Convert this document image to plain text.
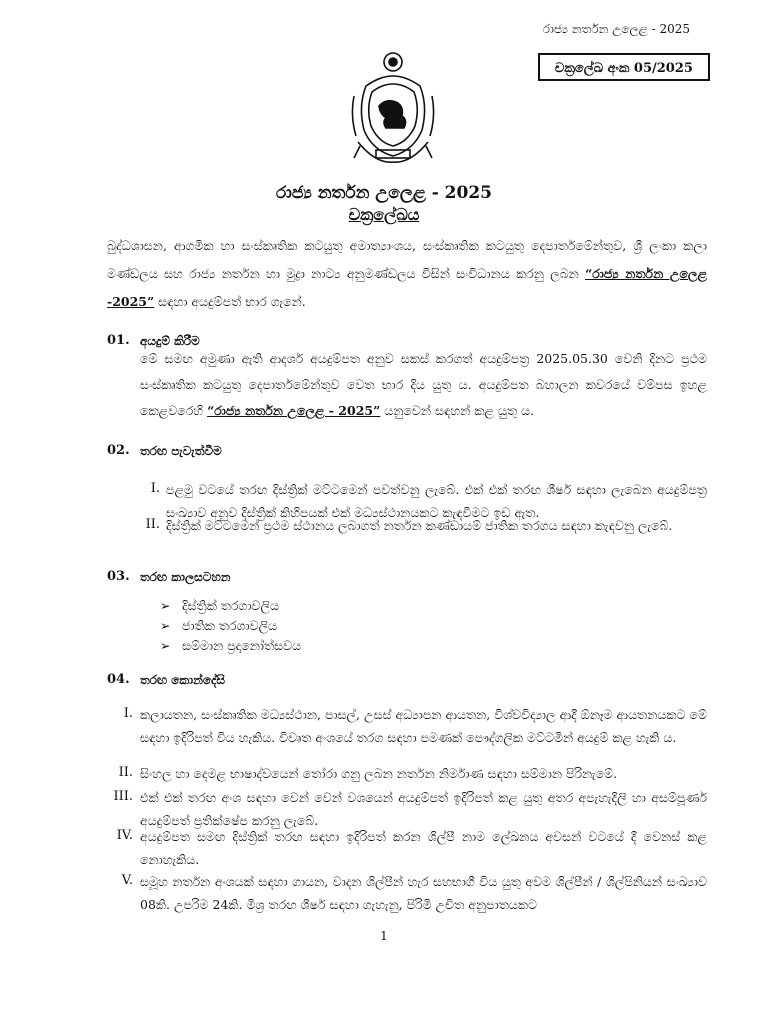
රාජ්‍ය නර්තන උලෙළ - 2025
චක්‍රලේඛ අංක 05/2025
රාජ්‍ය නර්තන උලෙළ - 2025
චක්‍රලේඛය
බුද්ධශාසන, ආගමික හා සංස්කෘතික කටයුතු අමාත්‍යාංශය, සංස්කෘතික කටයුතු දෙපාර්තමේන්තුව, ශ්‍රී ලංකා කලා මණ්ඩලය සහ රාජ්‍ය නර්තන හා මුද්‍රා නාට්‍ය අනුමණ්ඩලය විසින් සංවිධානය කරනු ලබන “රාජ්‍ය නර්තන උලෙළ -2025” සඳහා අයදුම්පත් භාර ගැනේ.
01. අයදුම් කිරීම
මේ සමඟ අමුණා ඇති ආදර්ශ අයදුම්පත අනුව සකස් කරගත් අයදුම්පත්‍ර 2025.05.30 වෙනි දිනට ප්‍රථම සංස්කෘතික කටයුතු දෙපාර්තමේන්තුව වෙත භාර දිය යුතු ය. අයදුම්පත බහාලන කවරයේ වම්පස ඉහළ කෙළවරෙහි “රාජ්‍ය නර්තන උලෙළ - 2025” යනුවෙන් සඳහන් කළ යුතු ය.
02. තරඟ පැවැත්වීම
I. පළමු වටයේ තරඟ දිස්ත්‍රික් මට්ටමෙන් පවත්වනු ලැබේ. එක් එක් තරඟ ශීර්ෂ සඳහා ලැබෙන අයදුම්පත්‍ර සංඛ්‍යාව අනුව දිස්ත්‍රික් කිහිපයක් එක් මධ්‍යස්ථානයකට කැඳවීමට ඉඩ ඇත.
II. දිස්ත්‍රික් මට්ටමෙන් ප්‍රථම ස්ථානය ලබාගත් නර්තන කණ්ඩායම් ජාතික තරගය සඳහා කැඳවනු ලැබේ.
03. තරඟ කාලසටහන
➢ දිස්ත්‍රික් තරගාවලිය
➢ ජාතික තරගාවලිය
➢ සම්මාන ප්‍රදානෝත්සවය
04. තරඟ කොන්දේසි
I. කලායතන, සංස්කෘතික මධ්‍යස්ථාන, පාසල්, උසස් අධ්‍යාපන ආයතන, විශ්වවිද්‍යාල ආදී ඕනෑම ආයතනයකට මේ සඳහා ඉදිරිපත් විය හැකිය. විවෘත අංශයේ තරග සඳහා පමණක් පෞද්ගලික මට්ටමින් අයදුම් කළ හැකි ය.
II. සිංහල හා දෙමළ භාෂාද්වයෙන් තෝරා ගනු ලබන නර්තන නිර්මාණ සඳහා සම්මාන පිරිනැමේ.
III. එක් එක් තරඟ අංශ සඳහා වෙන් වෙන් වශයෙන් අයදුම්පත් ඉදිරිපත් කළ යුතු අතර අපැහැදිලි හා අසම්පූර්ණ අයදුම්පත් ප්‍රතික්ෂේප කරනු ලැබේ.
IV. අයදුම්පත සමඟ දිස්ත්‍රික් තරඟ සඳහා ඉදිරිපත් කරන ශිල්පී නාම ලේඛනය අවසන් වටයේ දී වෙනස් කළ නොහැකිය.
V. සමූහ නර්තන අංශයක් සඳහා ගායන, වාදන ශිල්පීන් හැර සහභාගී විය යුතු අවම ශිල්පීන් / ශිල්පිනියන් සංඛ්‍යාව 08කි. උපරිම 24කි. මිශ්‍ර තරඟ ශීර්ෂ සඳහා ගැහැනු, පිරිමි උචිත අනුපාතයකට
1
